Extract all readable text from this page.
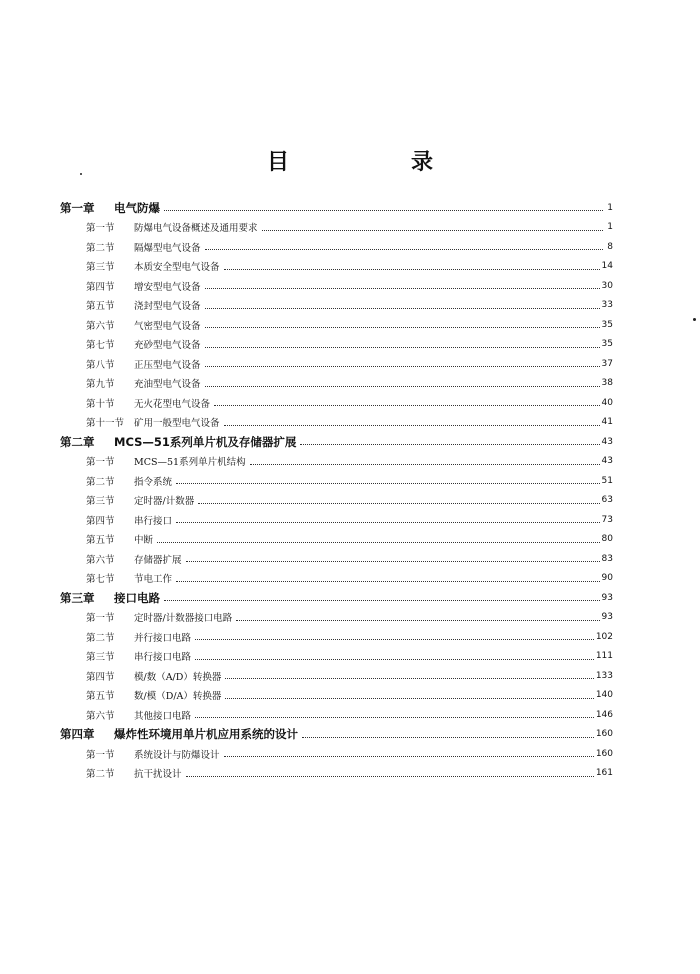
目　录
第一章	电气防爆	1
第一节	防爆电气设备概述及通用要求	1
第二节	隔爆型电气设备	8
第三节	本质安全型电气设备	14
第四节	增安型电气设备	30
第五节	浇封型电气设备	33
第六节	气密型电气设备	35
第七节	充砂型电气设备	35
第八节	正压型电气设备	37
第九节	充油型电气设备	38
第十节	无火花型电气设备	40
第十一节	矿用一般型电气设备	41
第二章	MCS—51系列单片机及存储器扩展	43
第一节	MCS—51系列单片机结构	43
第二节	指令系统	51
第三节	定时器/计数器	63
第四节	串行接口	73
第五节	中断	80
第六节	存储器扩展	83
第七节	节电工作	90
第三章	接口电路	93
第一节	定时器/计数器接口电路	93
第二节	并行接口电路	102
第三节	串行接口电路	111
第四节	模/数（A/D）转换器	133
第五节	数/模（D/A）转换器	140
第六节	其他接口电路	146
第四章	爆炸性环境用单片机应用系统的设计	160
第一节	系统设计与防爆设计	160
第二节	抗干扰设计	161
